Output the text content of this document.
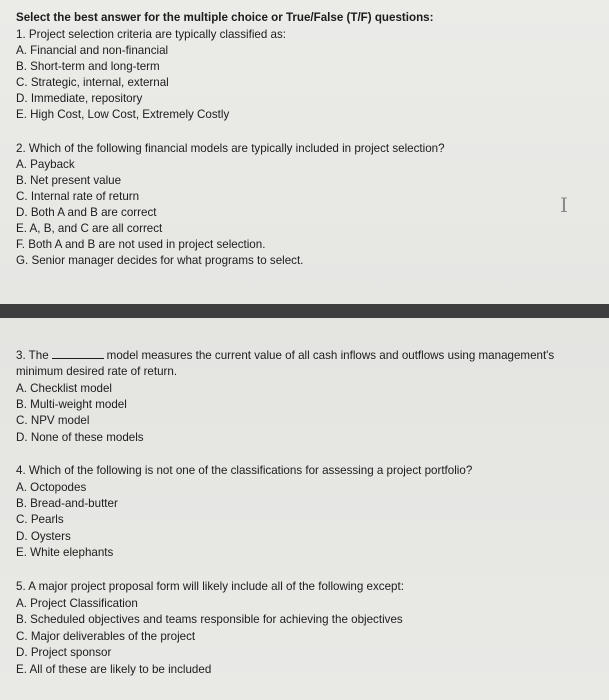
Select the best answer for the multiple choice or True/False (T/F) questions:
1. Project selection criteria are typically classified as:
A. Financial and non-financial
B. Short-term and long-term
C. Strategic, internal, external
D. Immediate, repository
E. High Cost, Low Cost, Extremely Costly
2. Which of the following financial models are typically included in project selection?
A. Payback
B. Net present value
C. Internal rate of return
D. Both A and B are correct
E. A, B, and C are all correct
F. Both A and B are not used in project selection.
G. Senior manager decides for what programs to select.
I
3. The	model measures the current value of all cash inflows and outflows using management's
minimum desired rate of return.
A. Checklist model
B. Multi-weight model
C. NPV model
D. None of these models
4. Which of the following is not one of the classifications for assessing a project portfolio?
A. Octopodes
B. Bread-and-butter
C. Pearls
D. Oysters
E. White elephants
5. A major project proposal form will likely include all of the following except:
A. Project Classification
B. Scheduled objectives and teams responsible for achieving the objectives
C. Major deliverables of the project
D. Project sponsor
E. All of these are likely to be included
